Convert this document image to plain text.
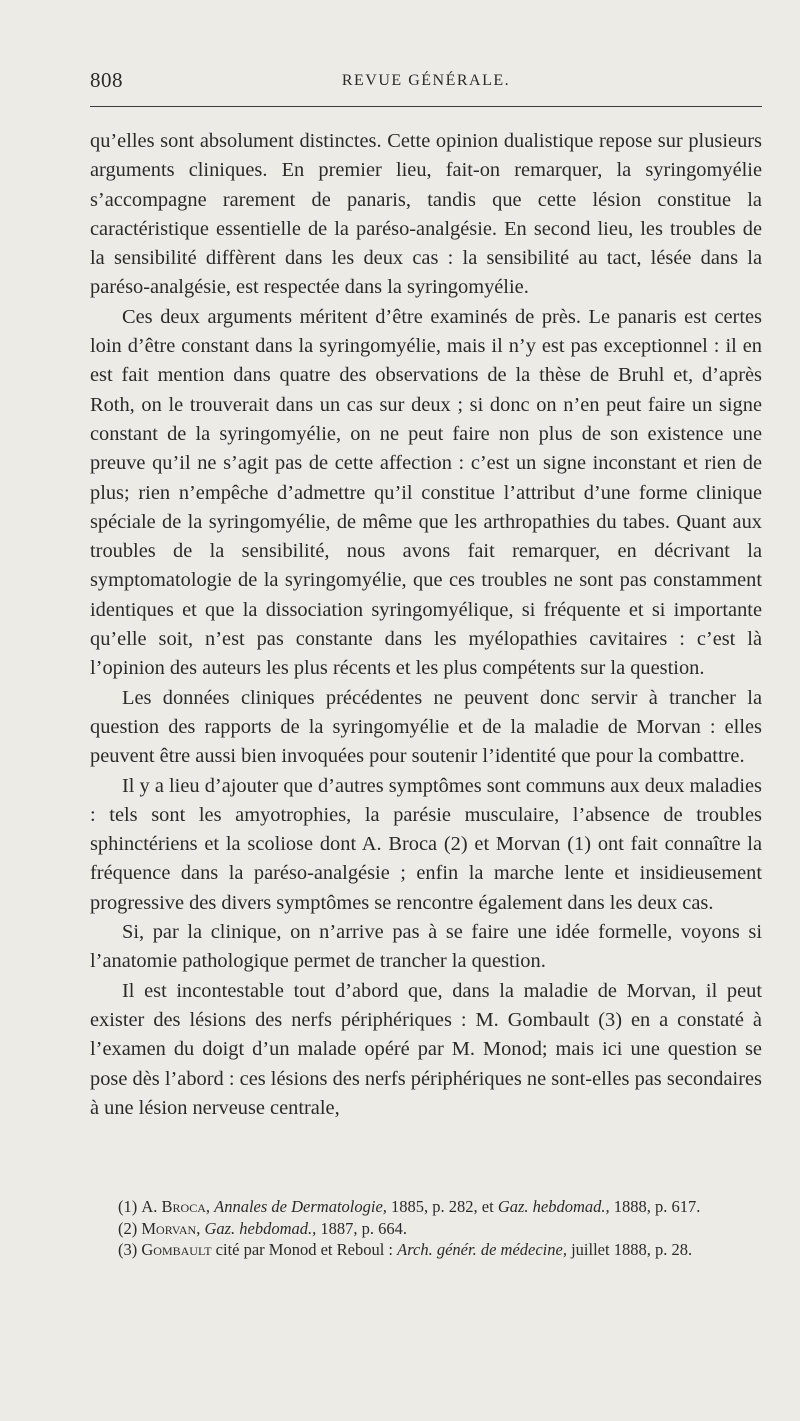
808	REVUE GÉNÉRALE.

qu’elles sont absolument distinctes. Cette opinion dualistique repose sur plusieurs arguments cliniques. En premier lieu, fait-on remarquer, la syringomyélie s’accompagne rarement de panaris, tandis que cette lésion constitue la caractéristique essentielle de la paréso-analgésie. En second lieu, les troubles de la sensibilité diffèrent dans les deux cas : la sensibilité au tact, lésée dans la paréso-analgésie, est respectée dans la syringomyélie.

Ces deux arguments méritent d’être examinés de près. Le panaris est certes loin d’être constant dans la syringomyélie, mais il n’y est pas exceptionnel : il en est fait mention dans quatre des observations de la thèse de Bruhl et, d’après Roth, on le trouverait dans un cas sur deux ; si donc on n’en peut faire un signe constant de la syringomyélie, on ne peut faire non plus de son existence une preuve qu’il ne s’agit pas de cette affection : c’est un signe inconstant et rien de plus; rien n’empêche d’admettre qu’il constitue l’attribut d’une forme clinique spéciale de la syringomyélie, de même que les arthropathies du tabes. Quant aux troubles de la sensibilité, nous avons fait remarquer, en décrivant la symptomatologie de la syringomyélie, que ces troubles ne sont pas constamment identiques et que la dissociation syringomyélique, si fréquente et si importante qu’elle soit, n’est pas constante dans les myélopathies cavitaires : c’est là l’opinion des auteurs les plus récents et les plus compétents sur la question.

Les données cliniques précédentes ne peuvent donc servir à trancher la question des rapports de la syringomyélie et de la maladie de Morvan : elles peuvent être aussi bien invoquées pour soutenir l’identité que pour la combattre.

Il y a lieu d’ajouter que d’autres symptômes sont communs aux deux maladies : tels sont les amyotrophies, la parésie musculaire, l’absence de troubles sphinctériens et la scoliose dont A. Broca (2) et Morvan (1) ont fait connaître la fréquence dans la paréso-analgésie ; enfin la marche lente et insidieusement progressive des divers symptômes se rencontre également dans les deux cas.

Si, par la clinique, on n’arrive pas à se faire une idée formelle, voyons si l’anatomie pathologique permet de trancher la question.

Il est incontestable tout d’abord que, dans la maladie de Morvan, il peut exister des lésions des nerfs périphériques : M. Gombault (3) en a constaté à l’examen du doigt d’un malade opéré par M. Monod; mais ici une question se pose dès l’abord : ces lésions des nerfs périphériques ne sont-elles pas secondaires à une lésion nerveuse centrale,

(1) A. Broca, Annales de Dermatologie, 1885, p. 282, et Gaz. hebdomad., 1888, p. 617.

(2) Morvan, Gaz. hebdomad., 1887, p. 664.

(3) Gombault cité par Monod et Reboul : Arch. génér. de médecine, juillet 1888, p. 28.
